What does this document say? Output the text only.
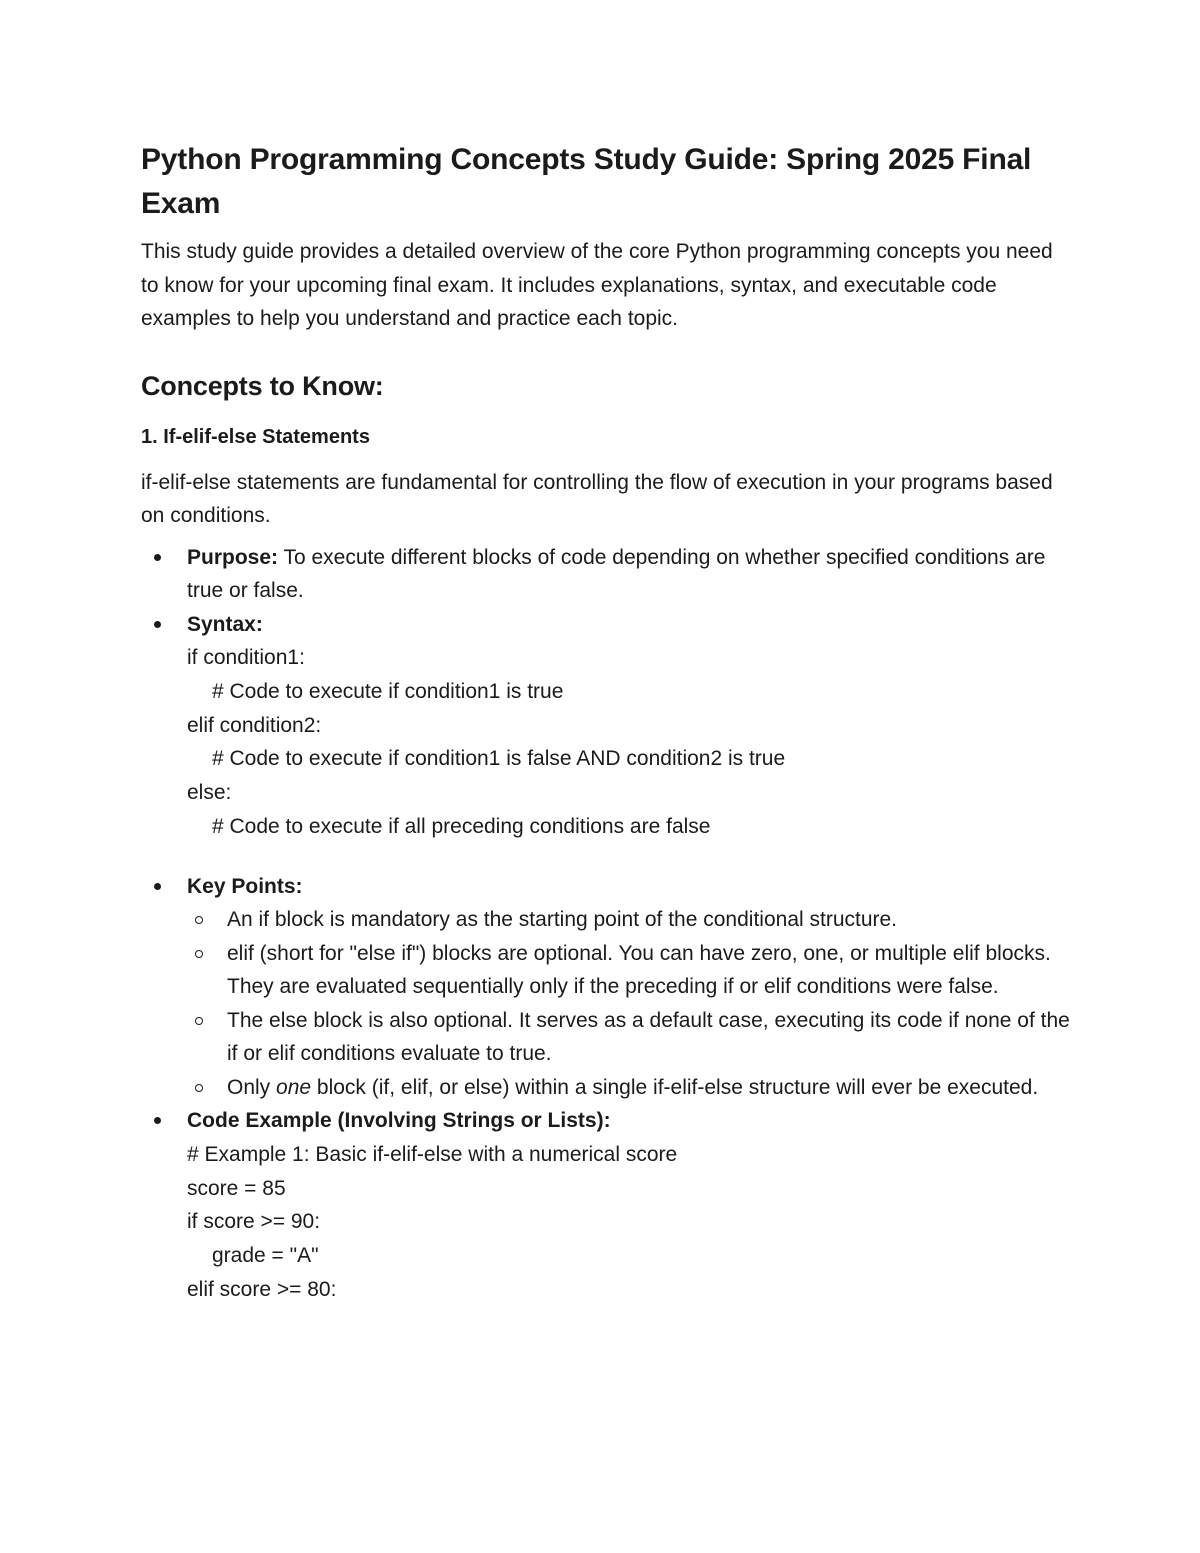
Python Programming Concepts Study Guide: Spring 2025 Final Exam

This study guide provides a detailed overview of the core Python programming concepts you need to know for your upcoming final exam. It includes explanations, syntax, and executable code examples to help you understand and practice each topic.

Concepts to Know:
1. If-elif-else Statements

if-elif-else statements are fundamental for controlling the flow of execution in your programs based on conditions.

Purpose: To execute different blocks of code depending on whether specified conditions are true or false.
Syntax:
if condition1:
# Code to execute if condition1 is true
elif condition2:
# Code to execute if condition1 is false AND condition2 is true
else:
# Code to execute if all preceding conditions are false
Key Points:
An if block is mandatory as the starting point of the conditional structure.
elif (short for "else if") blocks are optional. You can have zero, one, or multiple elif blocks. They are evaluated sequentially only if the preceding if or elif conditions were false.
The else block is also optional. It serves as a default case, executing its code if none of the if or elif conditions evaluate to true.
Only one block (if, elif, or else) within a single if-elif-else structure will ever be executed.
Code Example (Involving Strings or Lists):
# Example 1: Basic if-elif-else with a numerical score
score = 85
if score >= 90:
grade = "A"
elif score >= 80:
